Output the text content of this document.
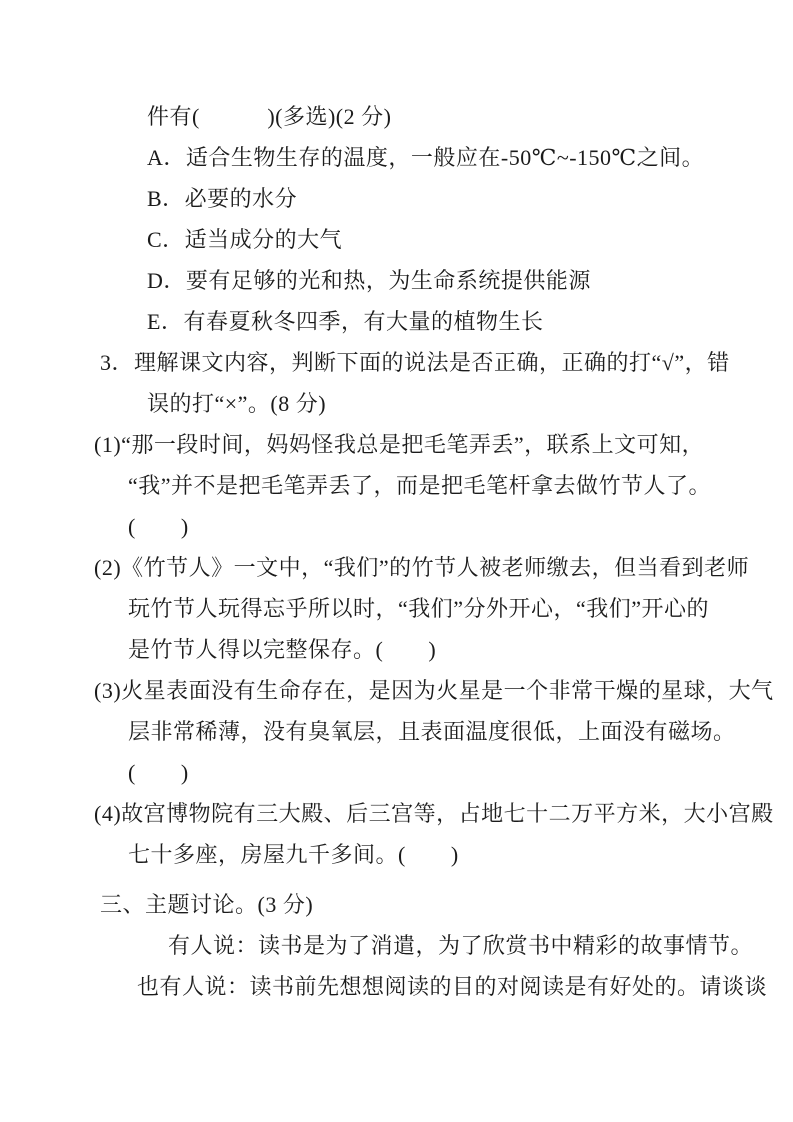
件有(　　　)(多选)(2 分)
A．适合生物生存的温度，一般应在-50℃~-150℃之间。
B．必要的水分
C．适当成分的大气
D．要有足够的光和热，为生命系统提供能源
E．有春夏秋冬四季，有大量的植物生长
3．理解课文内容，判断下面的说法是否正确，正确的打“√”，错
误的打“×”。(8 分)
(1)“那一段时间，妈妈怪我总是把毛笔弄丢”，联系上文可知，
“我”并不是把毛笔弄丢了，而是把毛笔杆拿去做竹节人了。
(　　)
(2)《竹节人》一文中，“我们”的竹节人被老师缴去，但当看到老师
玩竹节人玩得忘乎所以时，“我们”分外开心，“我们”开心的
是竹节人得以完整保存。(　　)
(3)火星表面没有生命存在，是因为火星是一个非常干燥的星球，大气
层非常稀薄，没有臭氧层，且表面温度很低，上面没有磁场。
(　　)
(4)故宫博物院有三大殿、后三宫等，占地七十二万平方米，大小宫殿
七十多座，房屋九千多间。(　　)
三、主题讨论。(3 分)
有人说：读书是为了消遣，为了欣赏书中精彩的故事情节。
也有人说：读书前先想想阅读的目的对阅读是有好处的。请谈谈
